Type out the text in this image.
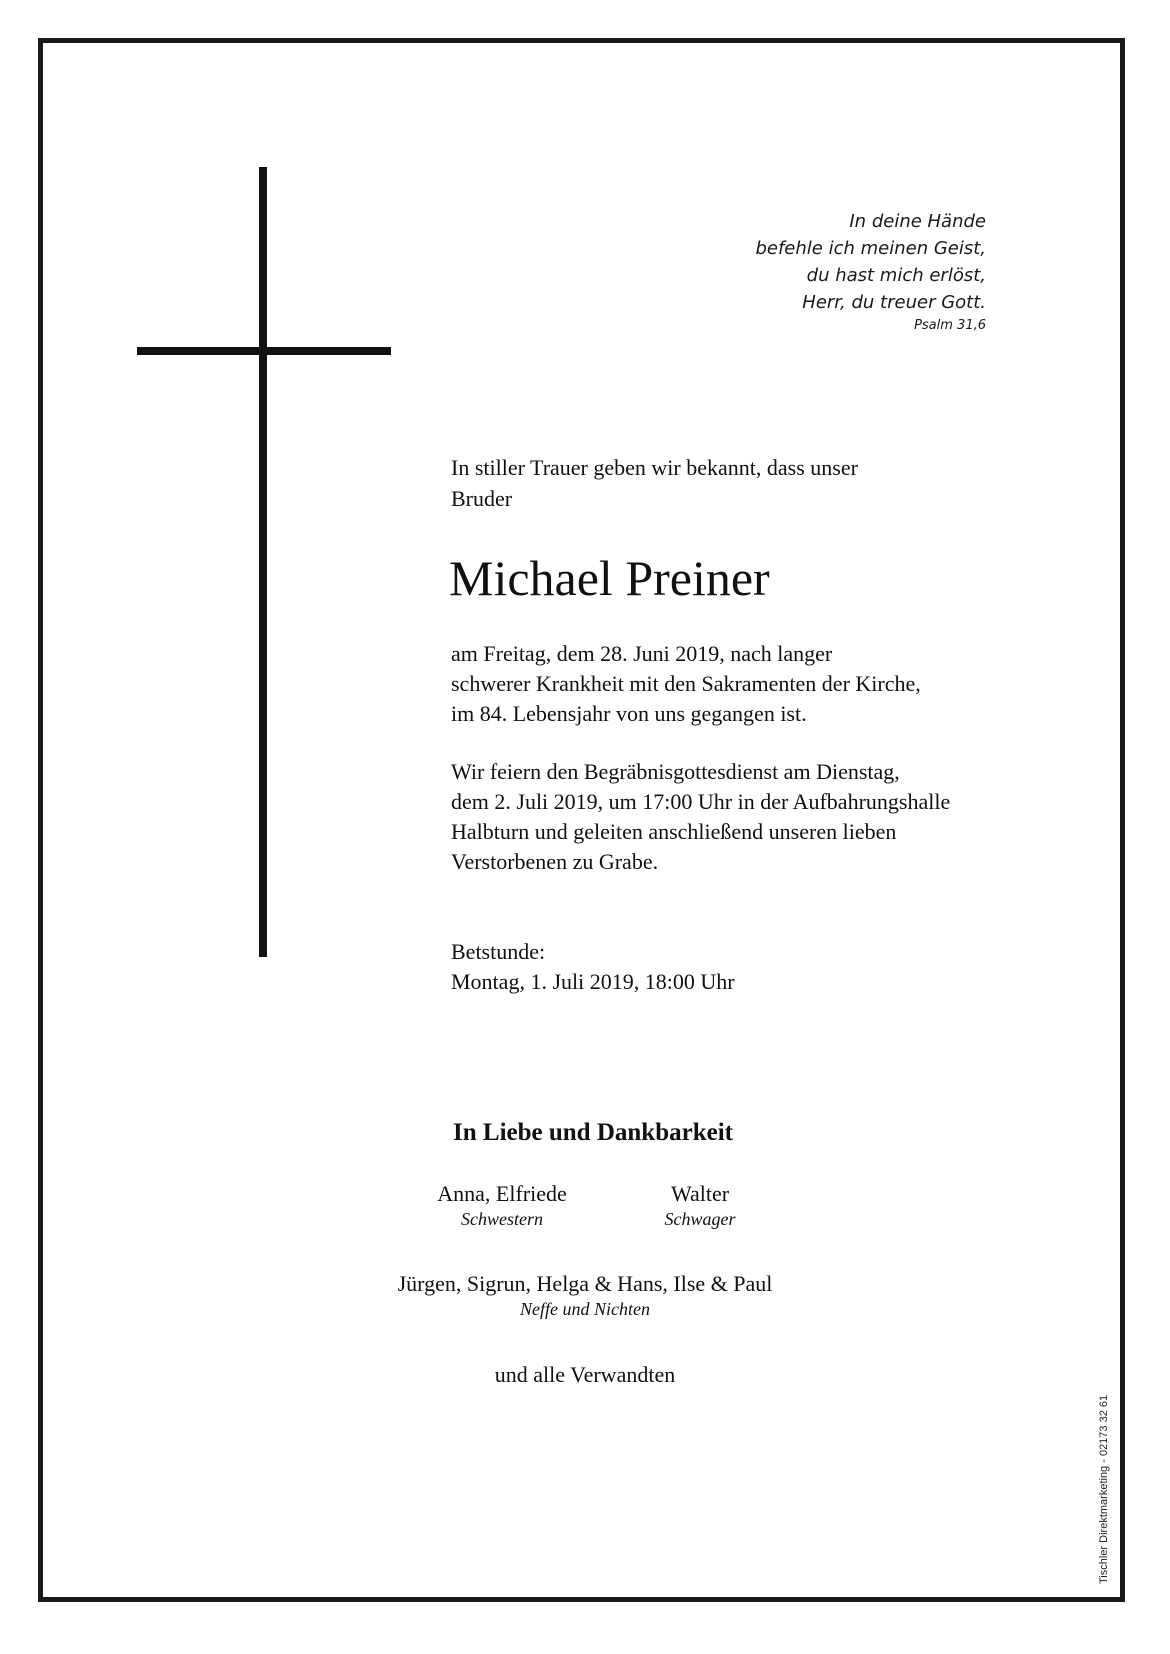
In deine Hände
befehle ich meinen Geist,
du hast mich erlöst,
Herr, du treuer Gott.
Psalm 31,6
In stiller Trauer geben wir bekannt, dass unser
Bruder
Michael Preiner
am Freitag, dem 28. Juni 2019, nach langer
schwerer Krankheit mit den Sakramenten der Kirche,
im 84. Lebensjahr von uns gegangen ist.
Wir feiern den Begräbnisgottesdienst am Dienstag,
dem 2. Juli 2019, um 17:00 Uhr in der Aufbahrungshalle
Halbturn und geleiten anschließend unseren lieben
Verstorbenen zu Grabe.
Betstunde:
Montag, 1. Juli 2019, 18:00 Uhr
In Liebe und Dankbarkeit
Anna, Elfriede
Schwestern
Walter
Schwager
Jürgen, Sigrun, Helga & Hans, Ilse & Paul
Neffe und Nichten
und alle Verwandten
Tischler Direktmarketing - 02173 32 61
